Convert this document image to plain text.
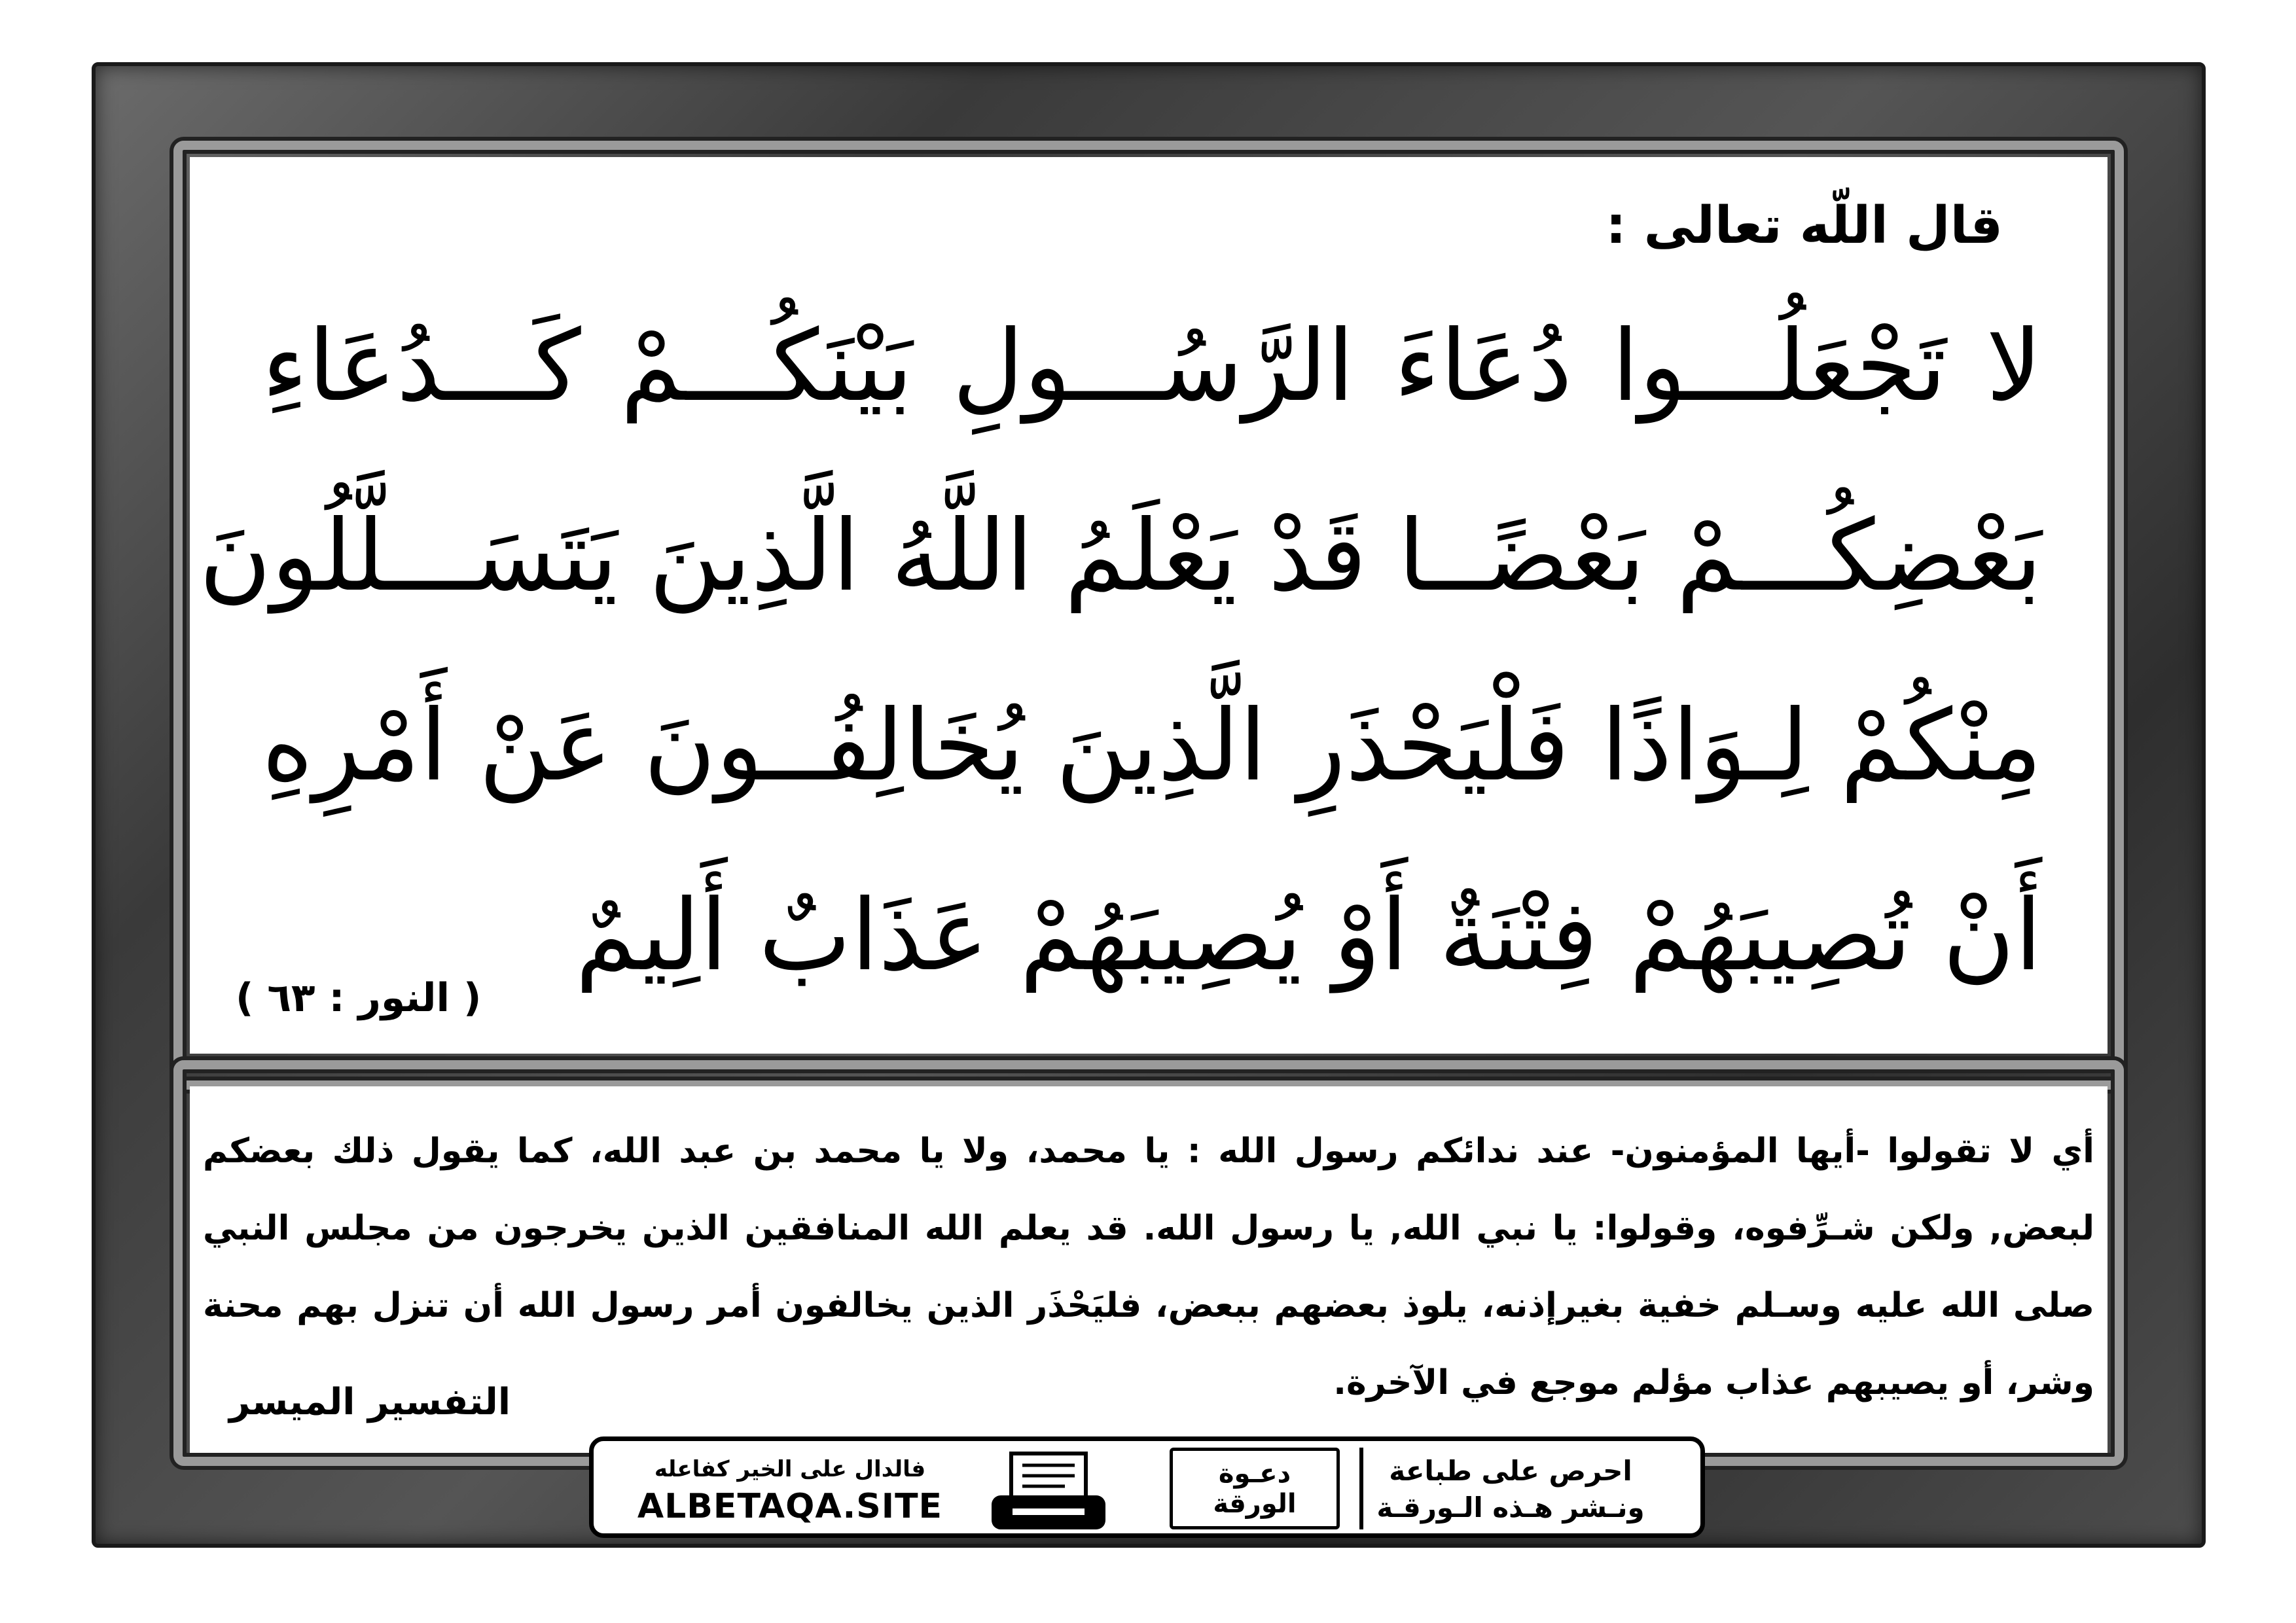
قال اللّه تعالى :
لا تَجْعَلُـــوا دُعَاءَ الرَّسُـــولِ بَيْنَكُـــمْ كَـــدُعَاءِ
بَعْضِكُـــمْ بَعْضًــا قَدْ يَعْلَمُ اللَّهُ الَّذِينَ يَتَسَـــلَّلُونَ
مِنْكُمْ لِـوَاذًا فَلْيَحْذَرِ الَّذِينَ يُخَالِفُــونَ عَنْ أَمْرِهِ
أَنْ تُصِيبَهُمْ فِتْنَةٌ أَوْ يُصِيبَهُمْ عَذَابٌ أَلِيمٌ
( النور : ٦٣ )
أي لا تقولوا -أيها المؤمنون- عند ندائكم رسول الله : يا محمد، ولا يا محمد بن عبد الله، كما يقول ذلك بعضكم لبعض, ولكن شـرِّفوه، وقولوا: يا نبي الله, يا رسول الله. قد يعلم الله المنافقين الذين يخرجون من مجلس النبي صلى الله عليه وسـلم خفية بغيرإذنه، يلوذ بعضهم ببعض، فليَحْذَر الذين يخالفون أمر رسول الله أن تنزل بهم محنة وشر، أو يصيبهم عذاب مؤلم موجع في الآخرة.
التفسير الميسر
احرص على طباعة
ونـشر هـذه الـورقـة
دعـوة
الورقة
فالدال على الخير كفاعله
ALBETAQA.SITE
